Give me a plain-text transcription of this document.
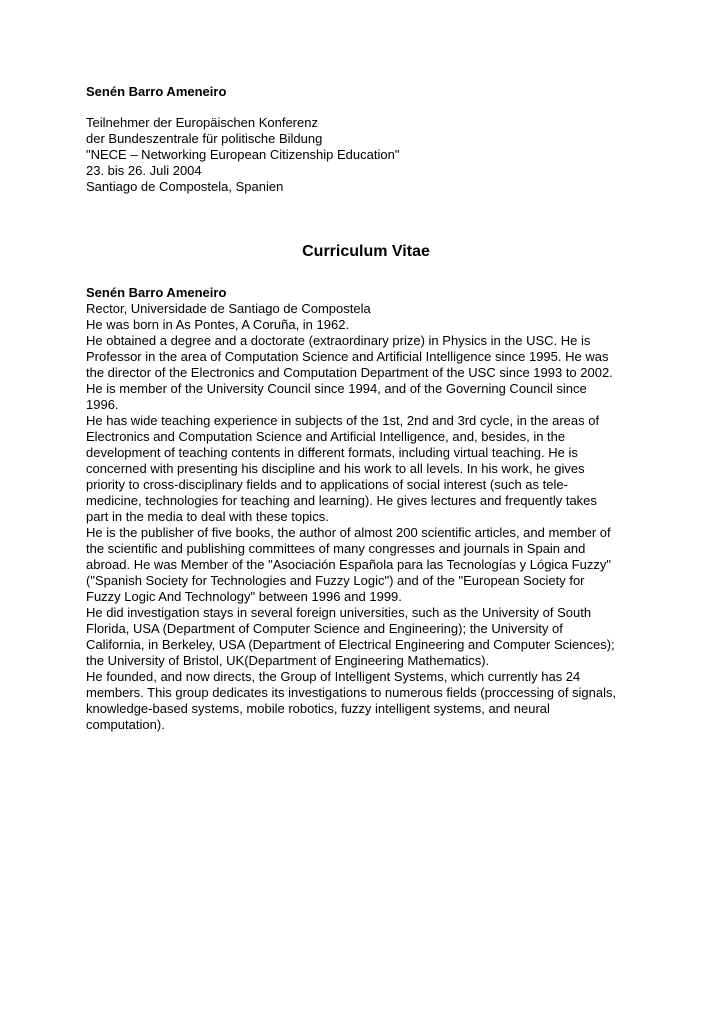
Senén Barro Ameneiro

Teilnehmer der Europäischen Konferenz
der Bundeszentrale für politische Bildung
"NECE – Networking European Citizenship Education"
23. bis 26. Juli 2004
Santiago de Compostela, Spanien
Curriculum Vitae
Senén Barro Ameneiro
Rector, Universidade de Santiago de Compostela
He was born in As Pontes, A Coruña, in 1962.
He obtained a degree and a doctorate (extraordinary prize) in Physics in the USC. He is
Professor in the area of Computation Science and Artificial Intelligence since 1995. He was
the director of the Electronics and Computation Department of the USC since 1993 to 2002.
He is member of the University Council since 1994, and of the Governing Council since
1996.
He has wide teaching experience in subjects of the 1st, 2nd and 3rd cycle, in the areas of
Electronics and Computation Science and Artificial Intelligence, and, besides, in the
development of teaching contents in different formats, including virtual teaching. He is
concerned with presenting his discipline and his work to all levels. In his work, he gives
priority to cross-disciplinary fields and to applications of social interest (such as tele-
medicine, technologies for teaching and learning). He gives lectures and frequently takes
part in the media to deal with these topics.
He is the publisher of five books, the author of almost 200 scientific articles, and member of
the scientific and publishing committees of many congresses and journals in Spain and
abroad. He was Member of the "Asociación Española para las Tecnologías y Lógica Fuzzy"
("Spanish Society for Technologies and Fuzzy Logic") and of the "European Society for
Fuzzy Logic And Technology" between 1996 and 1999.
He did investigation stays in several foreign universities, such as the University of South
Florida, USA (Department of Computer Science and Engineering); the University of
California, in Berkeley, USA (Department of Electrical Engineering and Computer Sciences);
the University of Bristol, UK(Department of Engineering Mathematics).
He founded, and now directs, the Group of Intelligent Systems, which currently has 24
members. This group dedicates its investigations to numerous fields (proccessing of signals,
knowledge-based systems, mobile robotics, fuzzy intelligent systems, and neural
computation).
